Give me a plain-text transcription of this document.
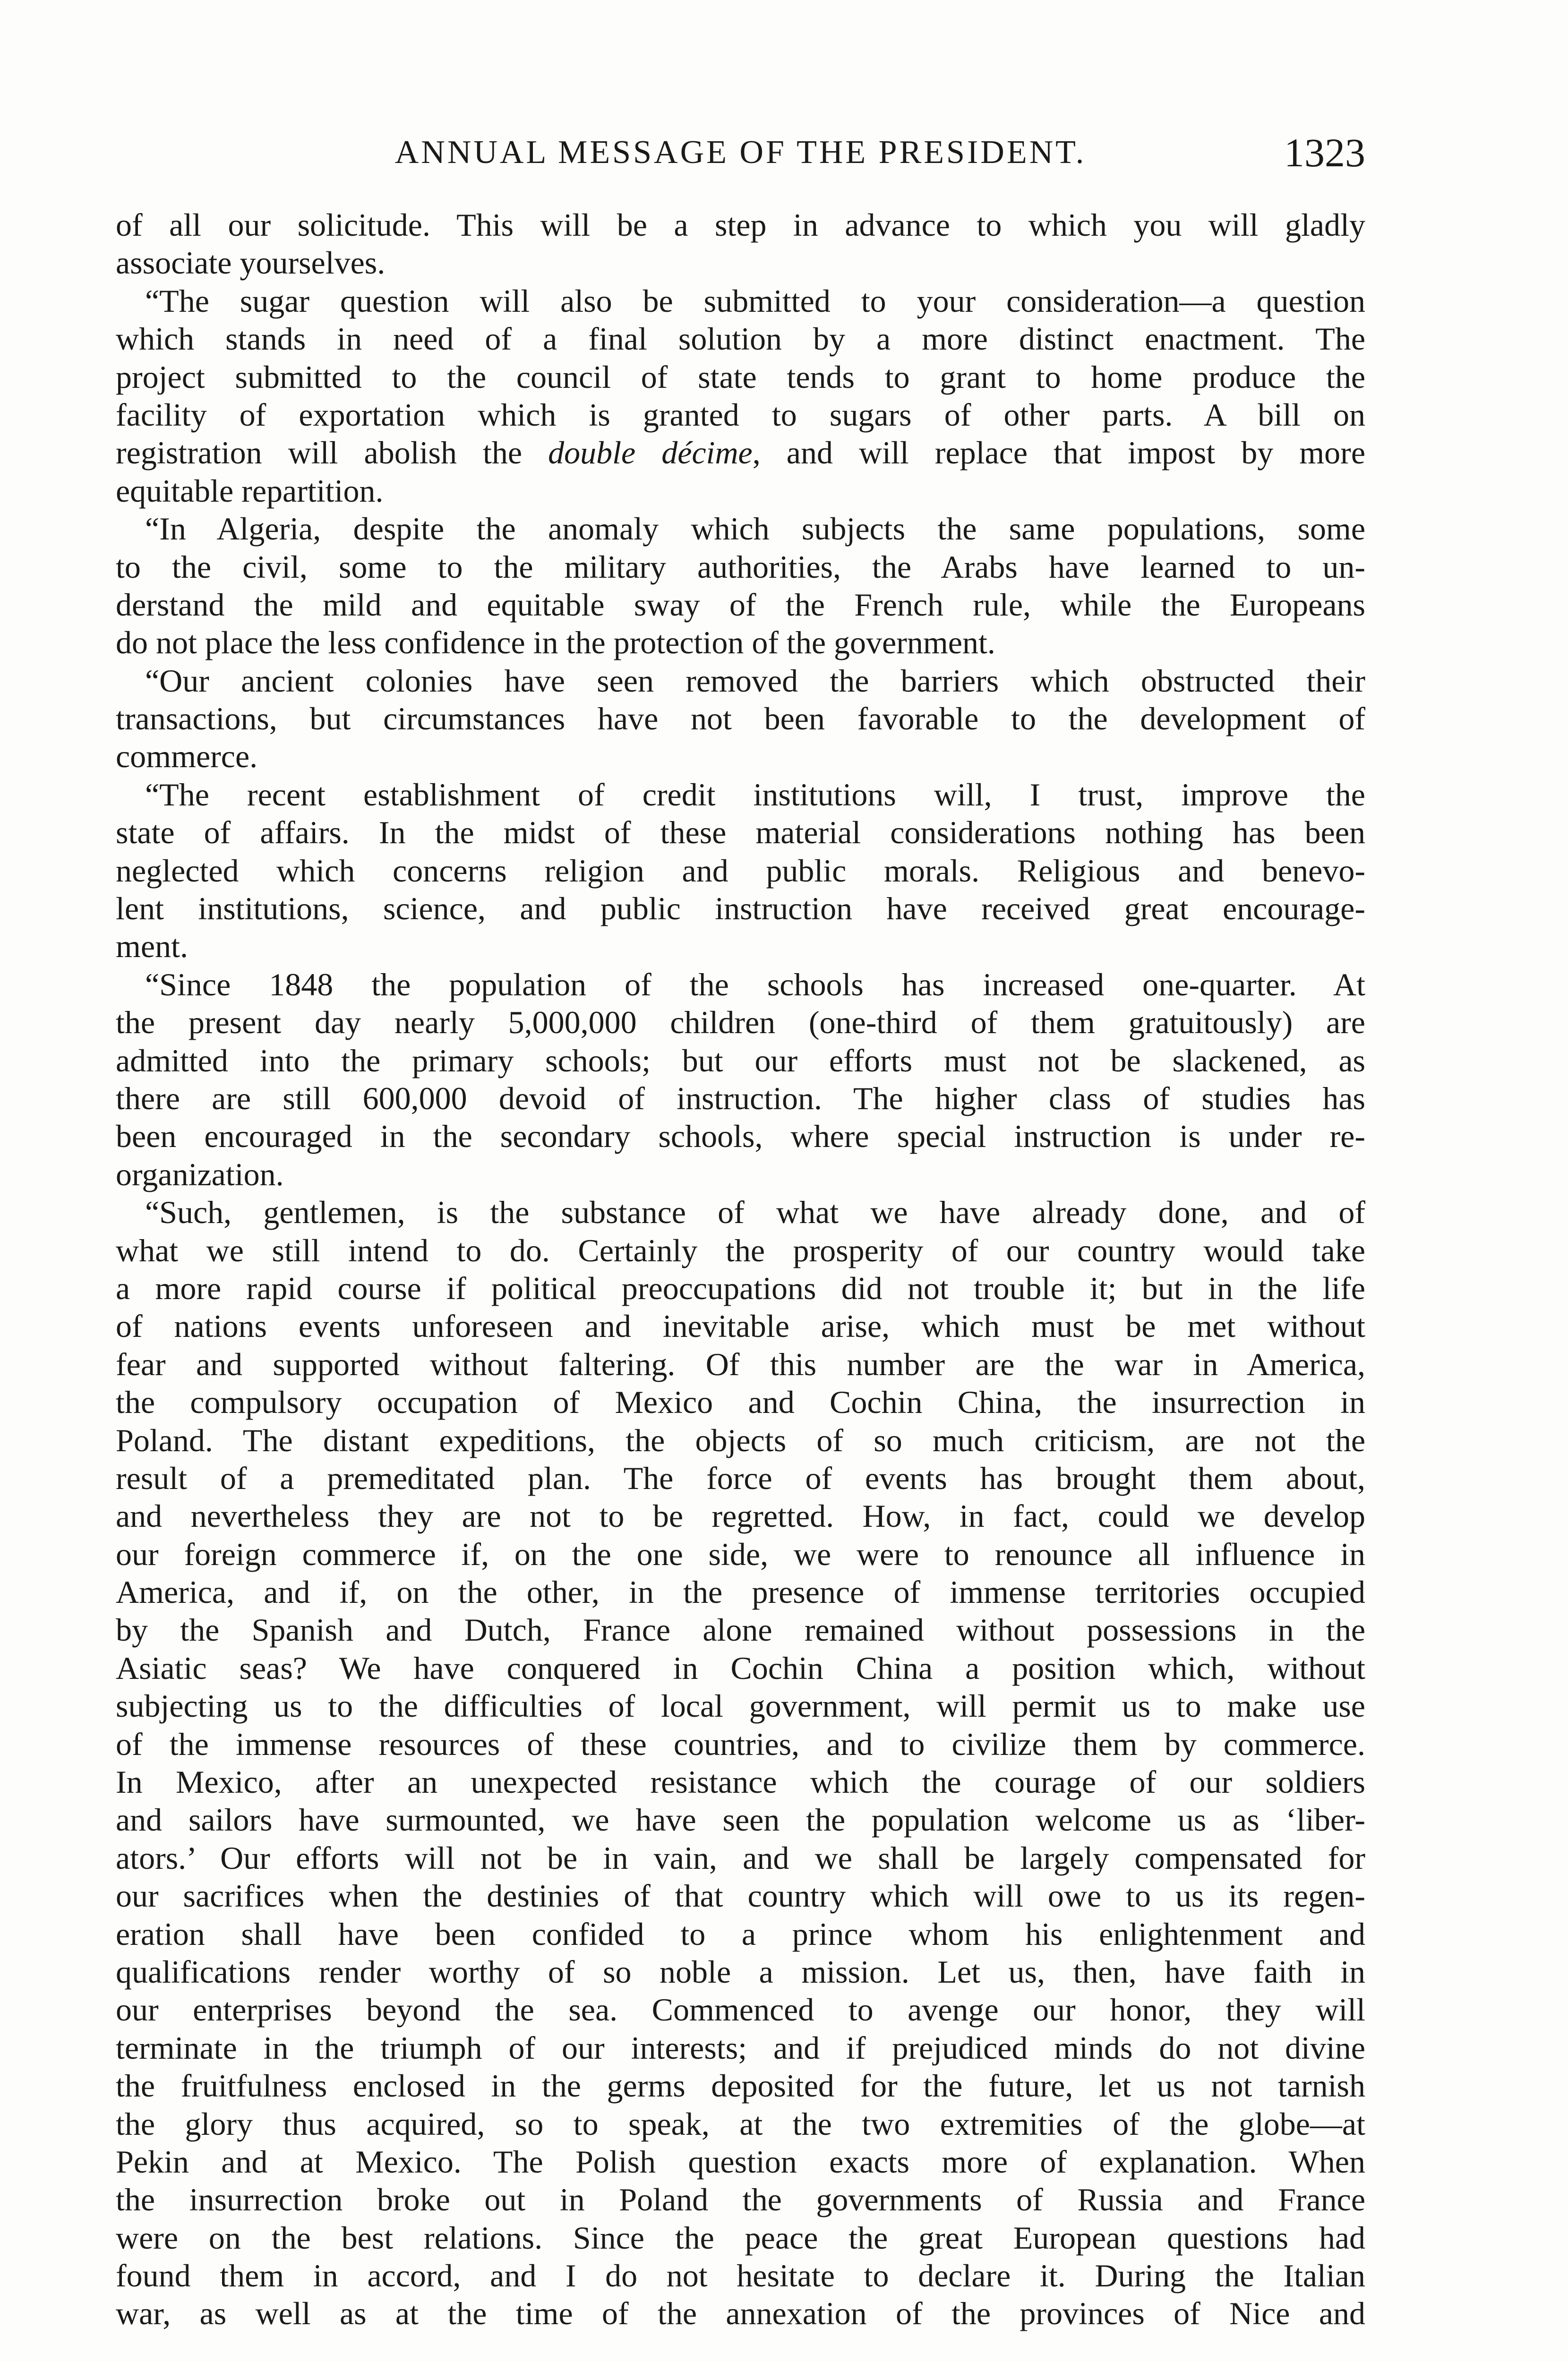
ANNUAL MESSAGE OF THE PRESIDENT.	1323
of all our solicitude. This will be a step in advance to which you will gladly
associate yourselves.
“The sugar question will also be submitted to your consideration—a question
which stands in need of a final solution by a more distinct enactment. The
project submitted to the council of state tends to grant to home produce the
facility of exportation which is granted to sugars of other parts. A bill on
registration will abolish the double décime, and will replace that impost by more
equitable repartition.
“In Algeria, despite the anomaly which subjects the same populations, some
to the civil, some to the military authorities, the Arabs have learned to un-
derstand the mild and equitable sway of the French rule, while the Europeans
do not place the less confidence in the protection of the government.
“Our ancient colonies have seen removed the barriers which obstructed their
transactions, but circumstances have not been favorable to the development of
commerce.
“The recent establishment of credit institutions will, I trust, improve the
state of affairs. In the midst of these material considerations nothing has been
neglected which concerns religion and public morals. Religious and benevo-
lent institutions, science, and public instruction have received great encourage-
ment.
“Since 1848 the population of the schools has increased one-quarter. At
the present day nearly 5,000,000 children (one-third of them gratuitously) are
admitted into the primary schools; but our efforts must not be slackened, as
there are still 600,000 devoid of instruction. The higher class of studies has
been encouraged in the secondary schools, where special instruction is under re-
organization.
“Such, gentlemen, is the substance of what we have already done, and of
what we still intend to do. Certainly the prosperity of our country would take
a more rapid course if political preoccupations did not trouble it; but in the life
of nations events unforeseen and inevitable arise, which must be met without
fear and supported without faltering. Of this number are the war in America,
the compulsory occupation of Mexico and Cochin China, the insurrection in
Poland. The distant expeditions, the objects of so much criticism, are not the
result of a premeditated plan. The force of events has brought them about,
and nevertheless they are not to be regretted. How, in fact, could we develop
our foreign commerce if, on the one side, we were to renounce all influence in
America, and if, on the other, in the presence of immense territories occupied
by the Spanish and Dutch, France alone remained without possessions in the
Asiatic seas? We have conquered in Cochin China a position which, without
subjecting us to the difficulties of local government, will permit us to make use
of the immense resources of these countries, and to civilize them by commerce.
In Mexico, after an unexpected resistance which the courage of our soldiers
and sailors have surmounted, we have seen the population welcome us as ‘liber-
ators.’ Our efforts will not be in vain, and we shall be largely compensated for
our sacrifices when the destinies of that country which will owe to us its regen-
eration shall have been confided to a prince whom his enlightenment and
qualifications render worthy of so noble a mission. Let us, then, have faith in
our enterprises beyond the sea. Commenced to avenge our honor, they will
terminate in the triumph of our interests; and if prejudiced minds do not divine
the fruitfulness enclosed in the germs deposited for the future, let us not tarnish
the glory thus acquired, so to speak, at the two extremities of the globe—at
Pekin and at Mexico. The Polish question exacts more of explanation. When
the insurrection broke out in Poland the governments of Russia and France
were on the best relations. Since the peace the great European questions had
found them in accord, and I do not hesitate to declare it. During the Italian
war, as well as at the time of the annexation of the provinces of Nice and
